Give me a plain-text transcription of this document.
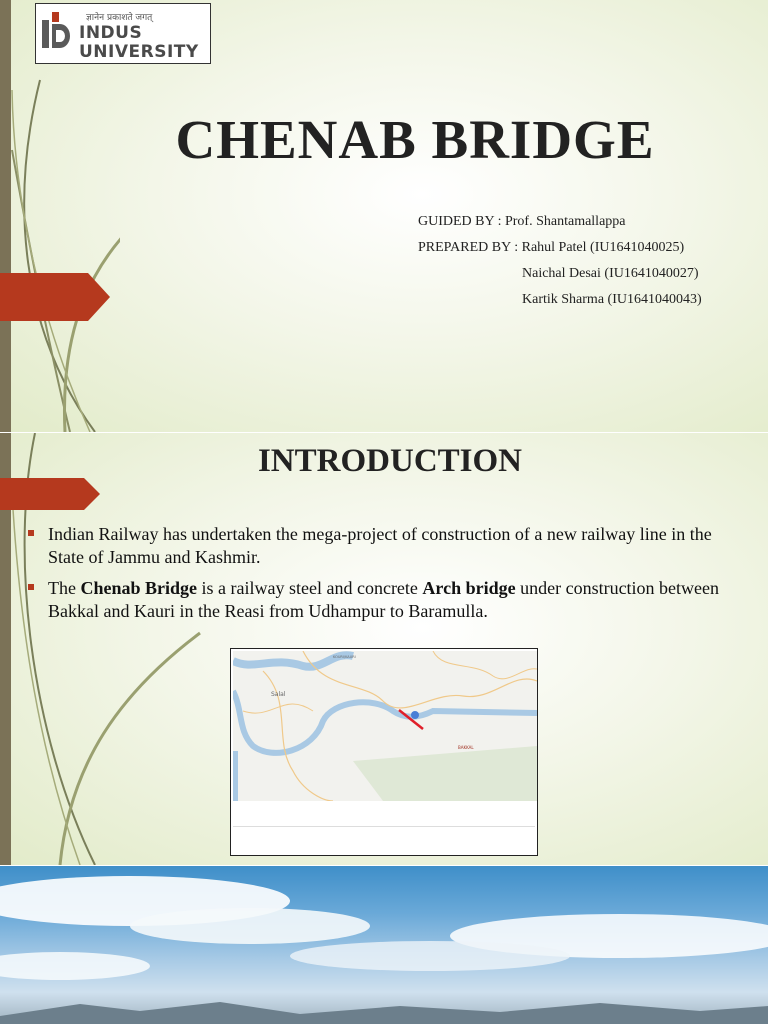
ज्ञानेन प्रकाशते जगत्
INDUS
UNIVERSITY
CHENAB BRIDGE
GUIDED BY : Prof. Shantamallappa
PREPARED BY : Rahul Patel (IU1641040025)
Naichal Desai (IU1641040027)
Kartik Sharma (IU1641040043)
INTRODUCTION
Indian Railway has undertaken the mega-project of construction of a new railway line in the State of Jammu and Kashmir.
The Chenab Bridge is a railway steel and concrete Arch bridge under construction between Bakkal and Kauri in the Reasi from Udhampur to Baramulla.
Salal
BAKKAL
KOURI/KAURI
